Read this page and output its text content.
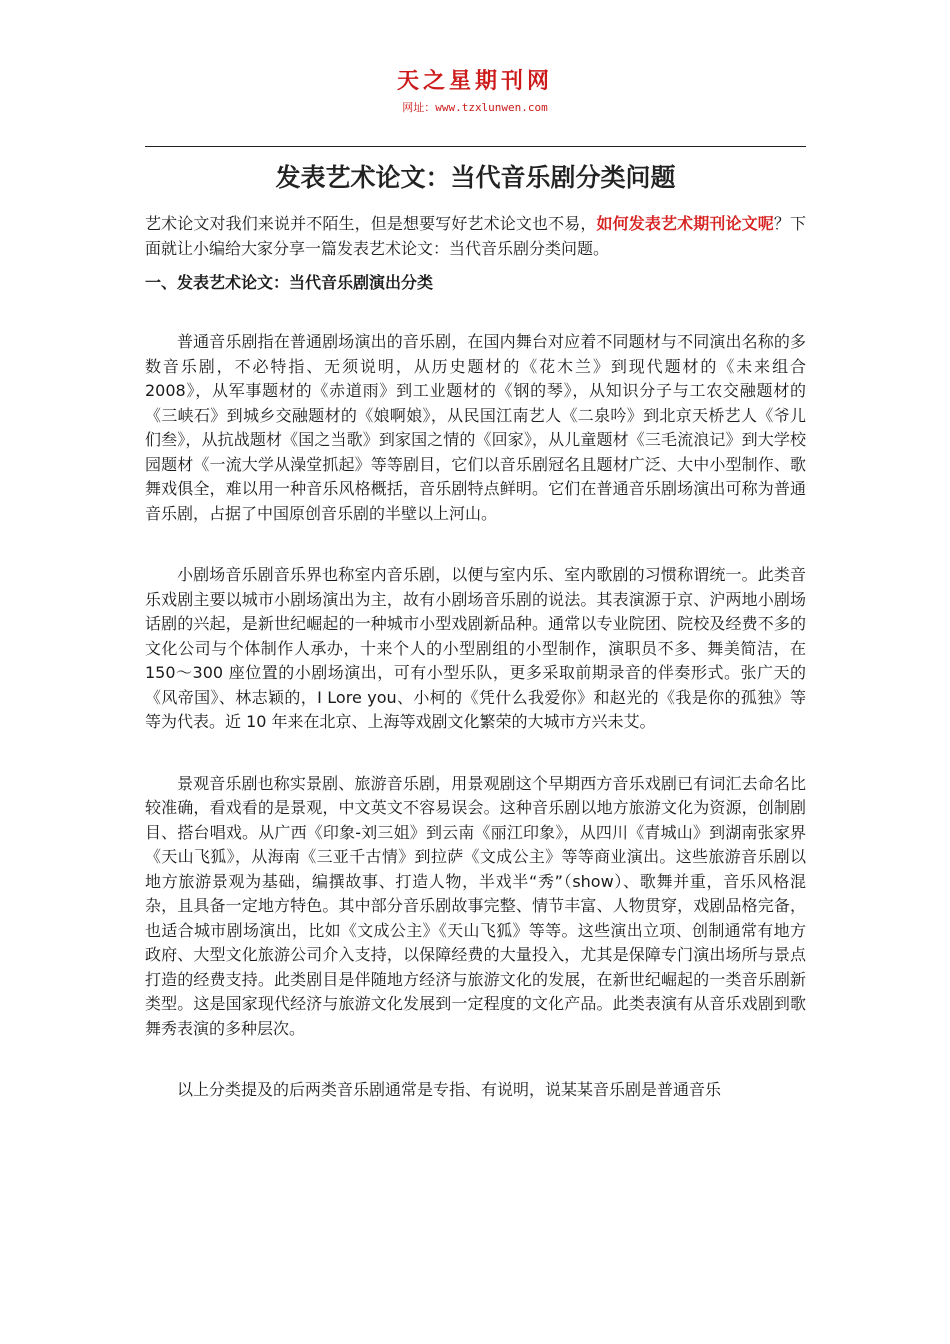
天之星期刊网
网址：www.tzxlunwen.com
发表艺术论文：当代音乐剧分类问题

艺术论文对我们来说并不陌生，但是想要写好艺术论文也不易，如何发表艺术期刊论文呢？下面就让小编给大家分享一篇发表艺术论文：当代音乐剧分类问题。

一、发表艺术论文：当代音乐剧演出分类

普通音乐剧指在普通剧场演出的音乐剧，在国内舞台对应着不同题材与不同演出名称的多数音乐剧，不必特指、无须说明，从历史题材的《花木兰》到现代题材的《未来组合 2008》，从军事题材的《赤道雨》到工业题材的《钢的琴》，从知识分子与工农交融题材的《三峡石》到城乡交融题材的《娘啊娘》，从民国江南艺人《二泉吟》到北京天桥艺人《爷儿们叁》，从抗战题材《国之当歌》到家国之情的《回家》，从儿童题材《三毛流浪记》到大学校园题材《一流大学从澡堂抓起》等等剧目，它们以音乐剧冠名且题材广泛、大中小型制作、歌舞戏俱全，难以用一种音乐风格概括，音乐剧特点鲜明。它们在普通音乐剧场演出可称为普通音乐剧，占据了中国原创音乐剧的半壁以上河山。

小剧场音乐剧音乐界也称室内音乐剧，以便与室内乐、室内歌剧的习惯称谓统一。此类音乐戏剧主要以城市小剧场演出为主，故有小剧场音乐剧的说法。其表演源于京、沪两地小剧场话剧的兴起，是新世纪崛起的一种城市小型戏剧新品种。通常以专业院团、院校及经费不多的文化公司与个体制作人承办，十来个人的小型剧组的小型制作，演职员不多、舞美简洁，在 150～300 座位置的小剧场演出，可有小型乐队，更多采取前期录音的伴奏形式。张广天的《风帝国》、林志颖的，I Lore you、小柯的《凭什么我爱你》和赵光的《我是你的孤独》等等为代表。近 10 年来在北京、上海等戏剧文化繁荣的大城市方兴未艾。

景观音乐剧也称实景剧、旅游音乐剧，用景观剧这个早期西方音乐戏剧已有词汇去命名比较准确，看戏看的是景观，中文英文不容易误会。这种音乐剧以地方旅游文化为资源，创制剧目、搭台唱戏。从广西《印象-刘三姐》到云南《丽江印象》，从四川《青城山》到湖南张家界《天山飞狐》，从海南《三亚千古情》到拉萨《文成公主》等等商业演出。这些旅游音乐剧以地方旅游景观为基础，编撰故事、打造人物，半戏半“秀”（show）、歌舞并重，音乐风格混杂，且具备一定地方特色。其中部分音乐剧故事完整、情节丰富、人物贯穿，戏剧品格完备，也适合城市剧场演出，比如《文成公主》《天山飞狐》等等。这些演出立项、创制通常有地方政府、大型文化旅游公司介入支持，以保障经费的大量投入，尤其是保障专门演出场所与景点打造的经费支持。此类剧目是伴随地方经济与旅游文化的发展，在新世纪崛起的一类音乐剧新类型。这是国家现代经济与旅游文化发展到一定程度的文化产品。此类表演有从音乐戏剧到歌舞秀表演的多种层次。

以上分类提及的后两类音乐剧通常是专指、有说明，说某某音乐剧是普通音乐
